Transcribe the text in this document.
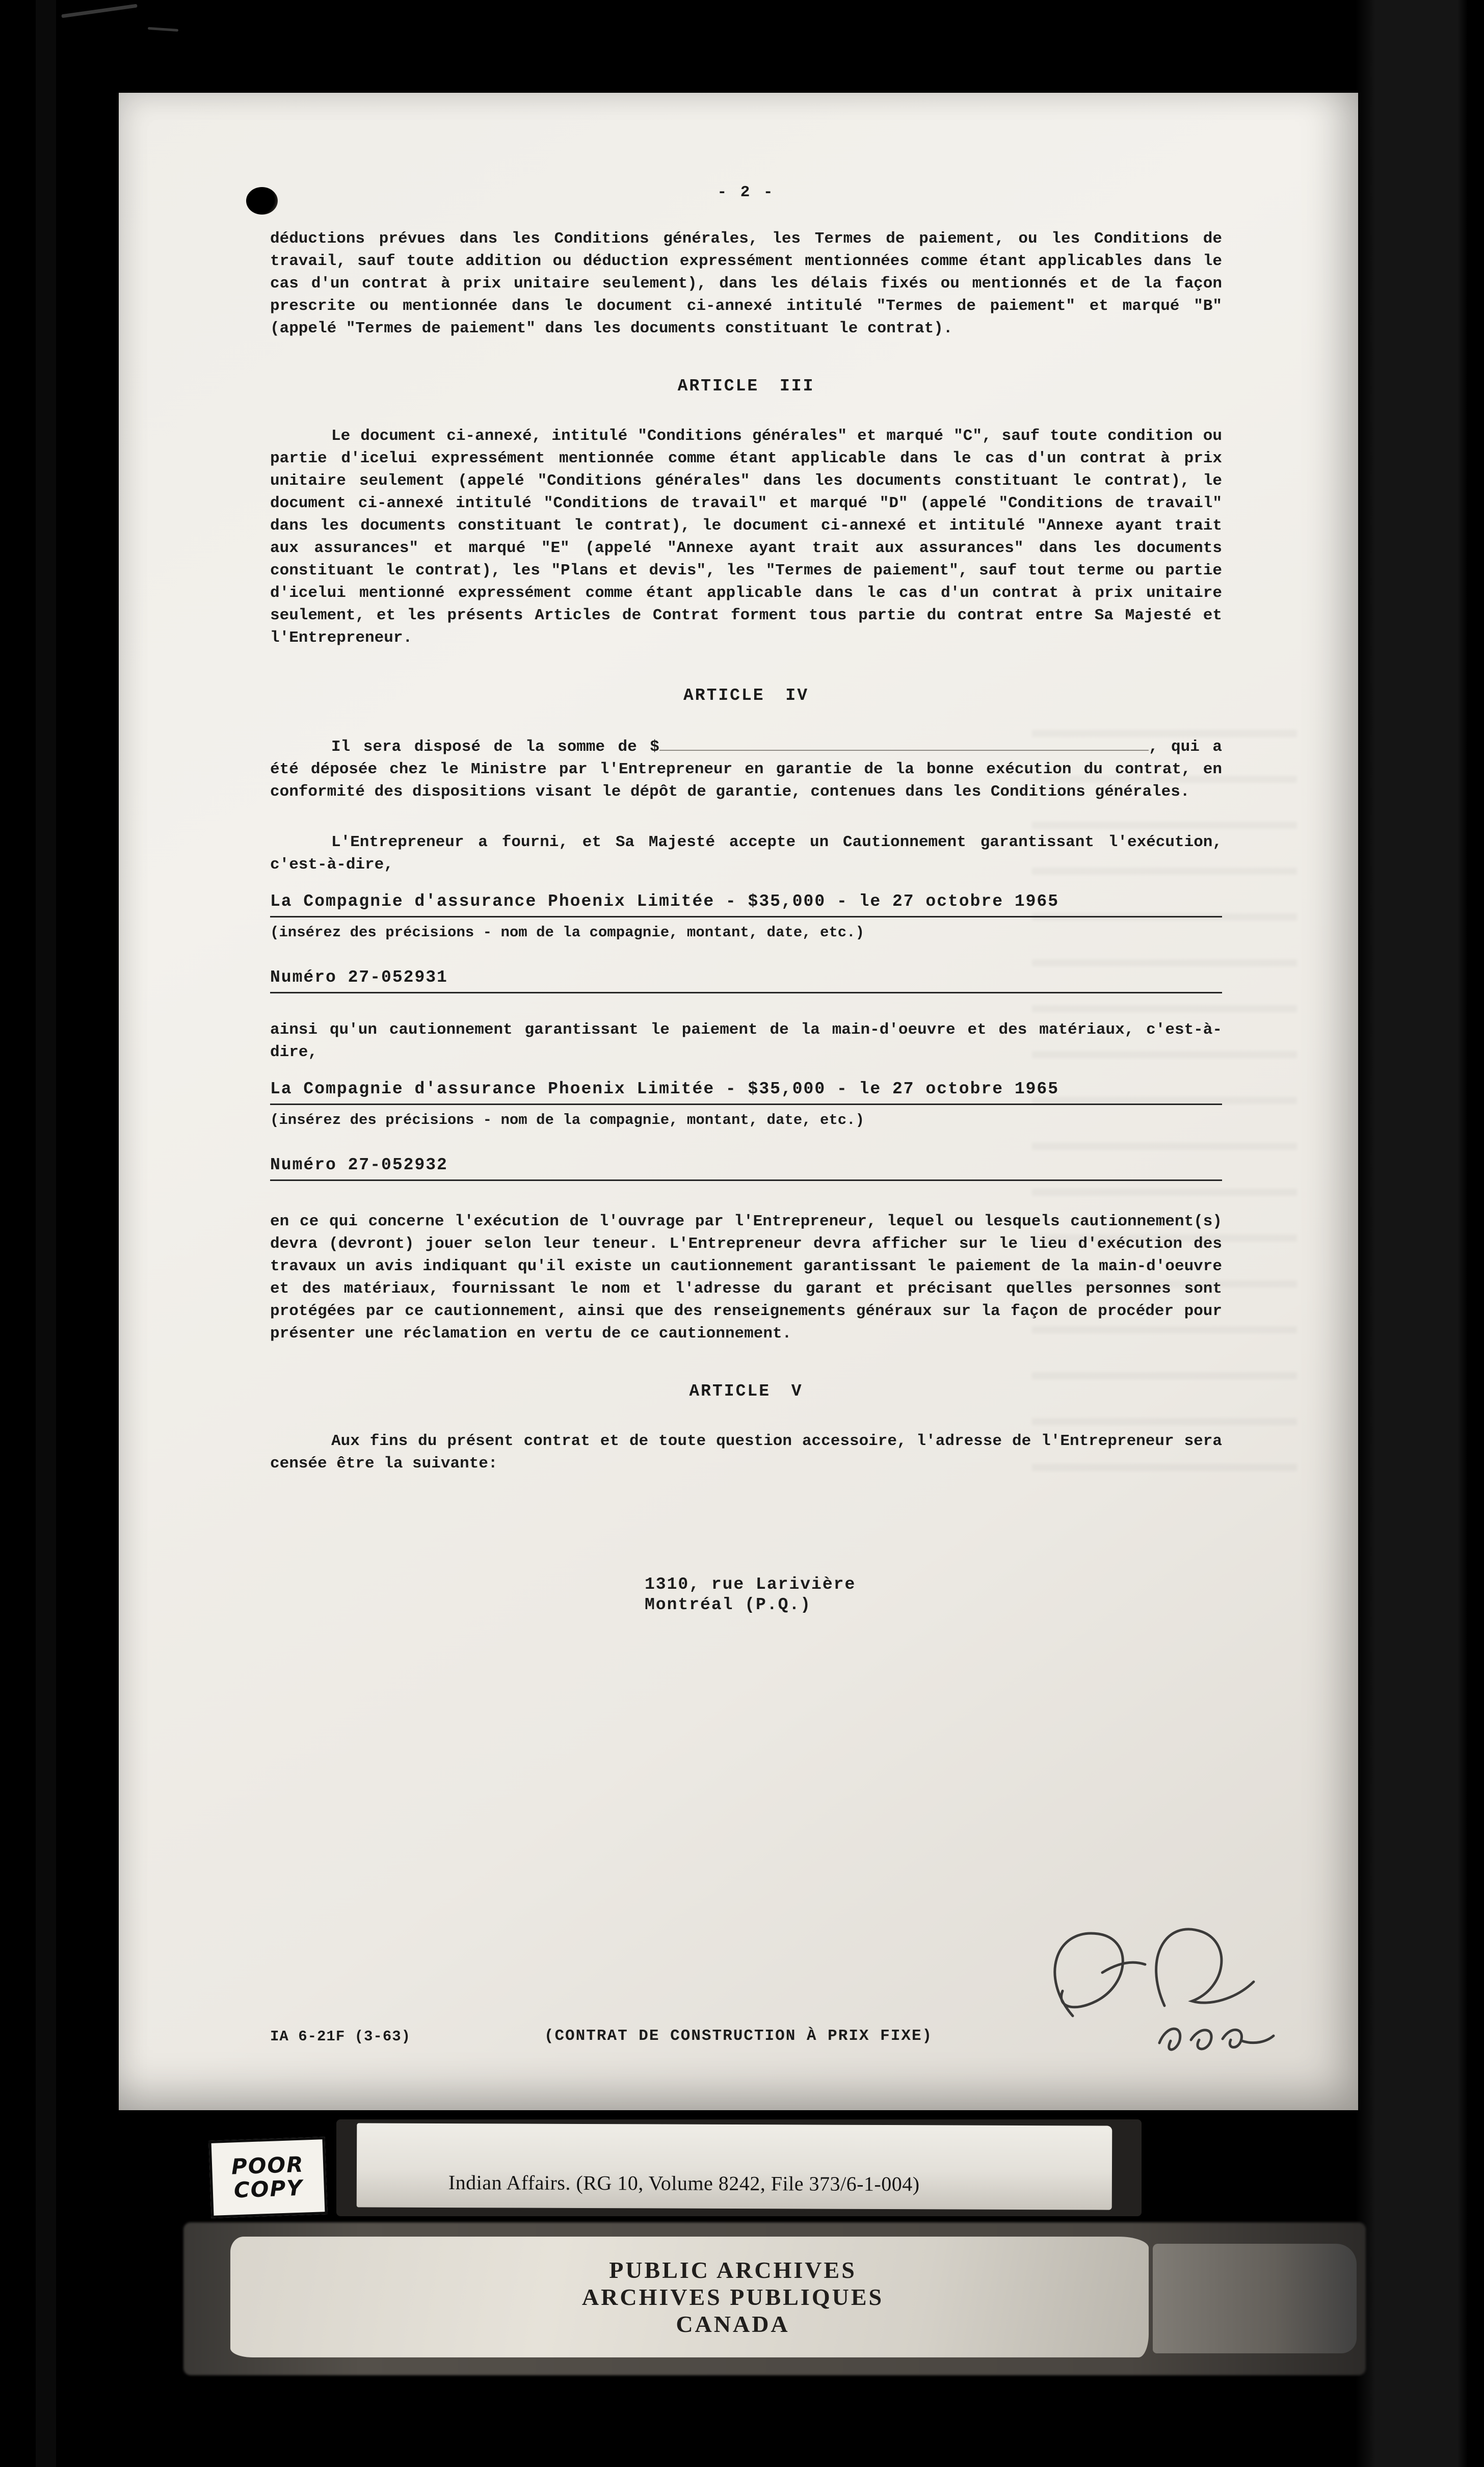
- 2 -

déductions prévues dans les Conditions générales, les Termes de paiement, ou les Conditions de travail, sauf toute addition ou déduction expressément mentionnées comme étant applicables dans le cas d'un contrat à prix unitaire seulement), dans les délais fixés ou mentionnés et de la façon prescrite ou mentionnée dans le document ci-annexé intitulé "Termes de paiement" et marqué "B" (appelé "Termes de paiement" dans les documents constituant le contrat).

ARTICLE III

Le document ci-annexé, intitulé "Conditions générales" et marqué "C", sauf toute condition ou partie d'icelui expressément mentionnée comme étant applicable dans le cas d'un contrat à prix unitaire seulement (appelé "Conditions générales" dans les documents constituant le contrat), le document ci-annexé intitulé "Conditions de travail" et marqué "D" (appelé "Conditions de travail" dans les documents constituant le contrat), le document ci-annexé et intitulé "Annexe ayant trait aux assurances" et marqué "E" (appelé "Annexe ayant trait aux assurances" dans les documents constituant le contrat), les "Plans et devis", les "Termes de paiement", sauf tout terme ou partie d'icelui mentionné expressément comme étant applicable dans le cas d'un contrat à prix unitaire seulement, et les présents Articles de Contrat forment tous partie du contrat entre Sa Majesté et l'Entrepreneur.

ARTICLE IV

Il sera disposé de la somme de $	, qui a été déposée chez le Ministre par l'Entrepreneur en garantie de la bonne exécution du contrat, en conformité des dispositions visant le dépôt de garantie, contenues dans les Conditions générales.

L'Entrepreneur a fourni, et Sa Majesté accepte un Cautionnement garantissant l'exécution, c'est-à-dire,

La Compagnie d'assurance Phoenix Limitée - $35,000 - le 27 octobre 1965

(insérez des précisions - nom de la compagnie, montant, date, etc.)

Numéro 27-052931

ainsi qu'un cautionnement garantissant le paiement de la main-d'oeuvre et des matériaux, c'est-à-dire,

La Compagnie d'assurance Phoenix Limitée - $35,000 - le 27 octobre 1965

(insérez des précisions - nom de la compagnie, montant, date, etc.)

Numéro 27-052932

en ce qui concerne l'exécution de l'ouvrage par l'Entrepreneur, lequel ou lesquels cautionnement(s) devra (devront) jouer selon leur teneur. L'Entrepreneur devra afficher sur le lieu d'exécution des travaux un avis indiquant qu'il existe un cautionnement garantissant le paiement de la main-d'oeuvre et des matériaux, fournissant le nom et l'adresse du garant et précisant quelles personnes sont protégées par ce cautionnement, ainsi que des renseignements généraux sur la façon de procéder pour présenter une réclamation en vertu de ce cautionnement.

ARTICLE V

Aux fins du présent contrat et de toute question accessoire, l'adresse de l'Entrepreneur sera censée être la suivante:

1310, rue Larivière
Montréal (P.Q.)
IA 6-21F (3-63)	(CONTRAT DE CONSTRUCTION À PRIX FIXE)
POOR
COPY	Indian Affairs. (RG 10, Volume 8242, File 373/6-1-004)
PUBLIC ARCHIVES
ARCHIVES PUBLIQUES
CANADA
